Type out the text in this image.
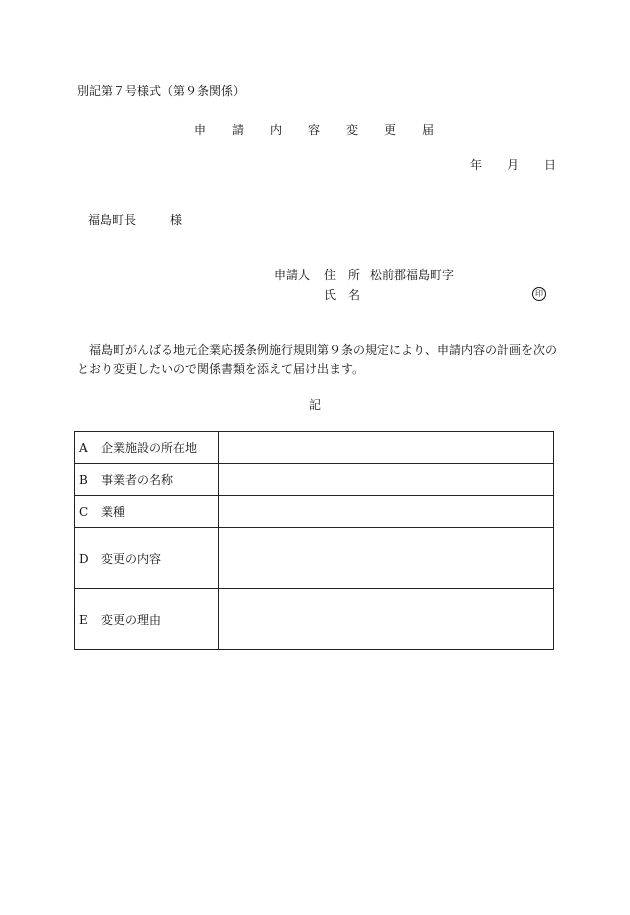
別記第７号様式（第９条関係）
申 請 内 容 変 更 届
年 月 日
福島町長	様
申請人 住　所 松前郡福島町字
氏　名	印
福島町がんばる地元企業応援条例施行規則第９条の規定により、申請内容の計画を次のとおり変更したいので関係書類を添えて届け出ます。
記
A 企業施設の所在地	
B 事業者の名称	
C 業種	
D 変更の内容	
E 変更の理由	
